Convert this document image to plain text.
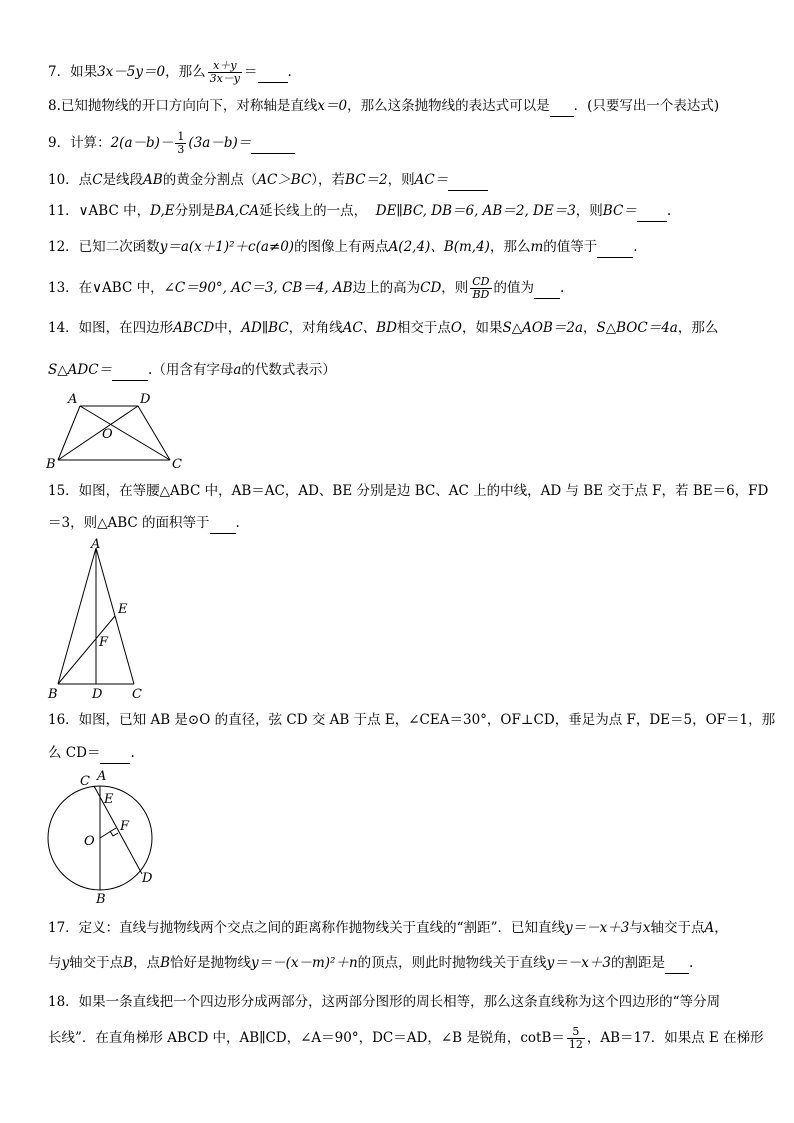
7．如果3x－5y＝0，那么 $\frac{x+y}{3x-y}$ ＝ .
8.已知抛物线的开口方向向下，对称轴是直线x＝0，那么这条抛物线的表达式可以是 ．(只要写出一个表达式)
9．计算：$2(a-b)- \frac{1}{3} (3a-b)=$
10．点C是线段AB的黄金分割点（AC＞BC），若BC＝2，则AC＝
11．∨ABC 中，D,E分别是BA,CA延长线上的一点， DE∥BC, DB＝6, AB＝2, DE＝3，则BC＝ .
12．已知二次函数y＝a(x＋1)²＋c(a≠0)的图像上有两点A(2,4)、B(m,4)，那么m的值等于	.
13．在∨ABC 中，∠C＝90°, AC＝3, CB＝4, AB边上的高为CD，则 $\frac{CD}{BD}$ 的值为 .
14．如图，在四边形ABCD中，AD∥BC，对角线AC、BD相交于点O，如果S△AOB＝2a，S△BOC＝4a，那么
S△ADC＝	.（用含有字母a的代数式表示）
A	D
O
B	C
15．如图，在等腰△ABC 中，AB＝AC，AD、BE 分别是边 BC、AC 上的中线，AD 与 BE 交于点 F，若 BE＝6，FD
＝3，则△ABC 的面积等于 .
A
E
F
B	D C
16．如图，已知 AB 是⊙O 的直径，弦 CD 交 AB 于点 E，∠CEA＝30°，OF⊥CD，垂足为点 F，DE＝5，OF＝1，那
么 CD＝ .
C A
E
O
F
D
B
17．定义：直线与抛物线两个交点之间的距离称作抛物线关于直线的“割距”．已知直线y＝－x＋3与x轴交于点A，
与y轴交于点B，点B恰好是抛物线y＝－(x－m)²＋n的顶点，则此时抛物线关于直线y＝－x＋3的割距是 .
18．如果一条直线把一个四边形分成两部分，这两部分图形的周长相等，那么这条直线称为这个四边形的“等分周
长线”．在直角梯形 ABCD 中，AB∥CD，∠A＝90°，DC＝AD，∠B 是锐角，$\cot B= \frac{5}{12}$ ，AB＝17．如果点 E 在梯形
